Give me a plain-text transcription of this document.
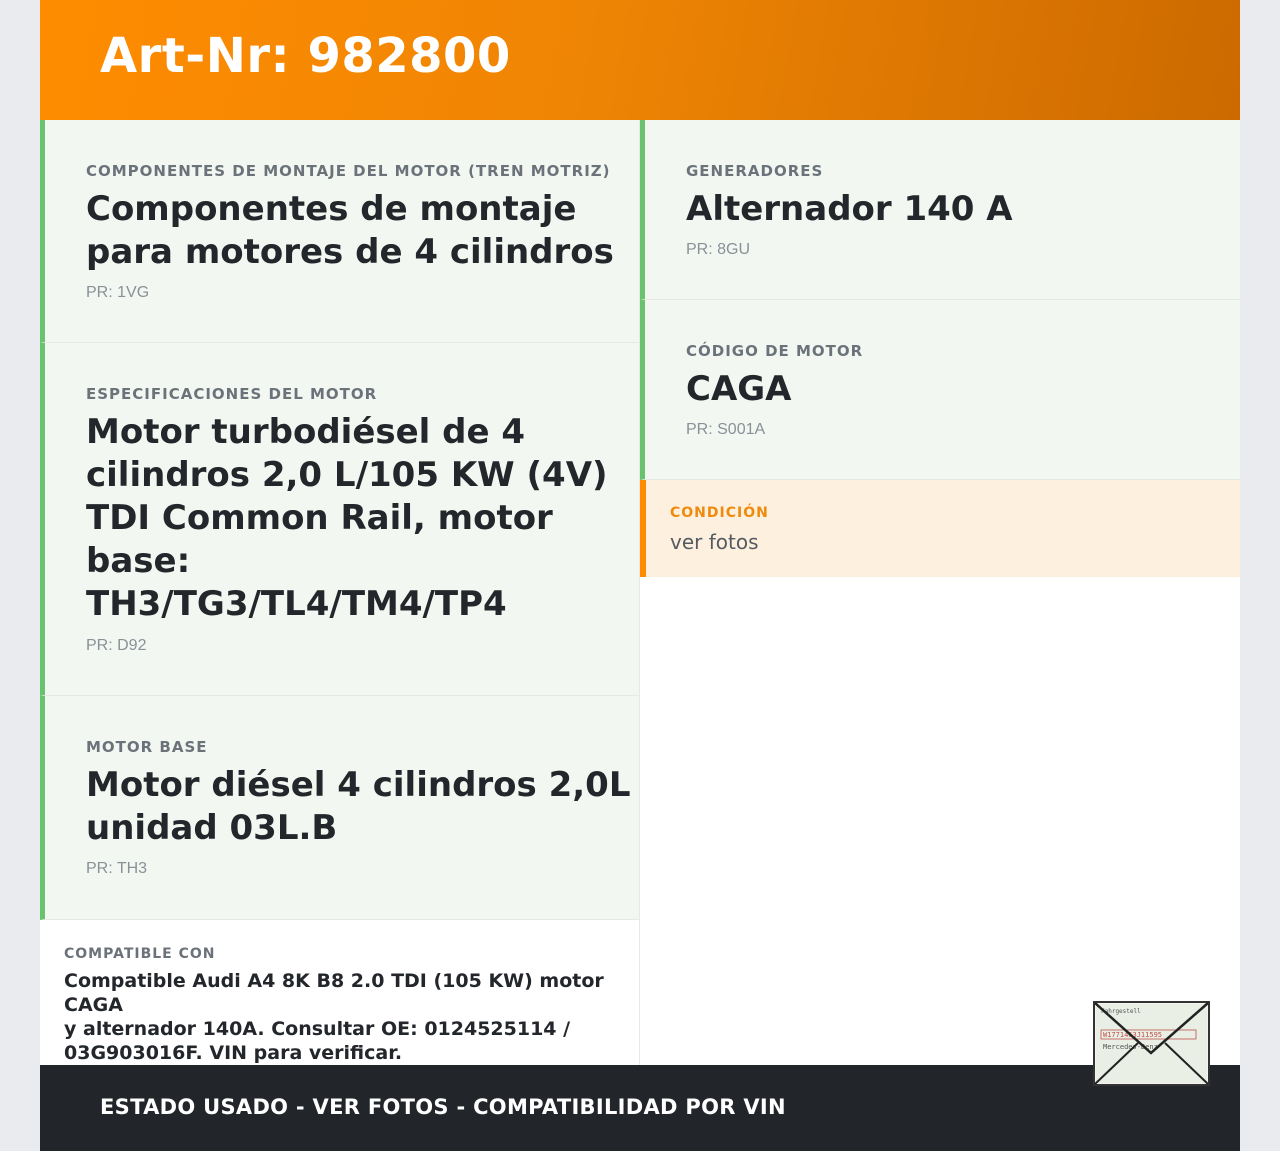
Art-Nr: 982800
COMPONENTES DE MONTAJE DEL MOTOR (TREN MOTRIZ)
Componentes de montaje
para motores de 4 cilindros
PR: 1VG
ESPECIFICACIONES DEL MOTOR
Motor turbodiésel de 4
cilindros 2,0 L/105 KW (4V)
TDI Common Rail, motor
base:
TH3/TG3/TL4/TM4/TP4
PR: D92
MOTOR BASE
Motor diésel 4 cilindros 2,0L
unidad 03L.B
PR: TH3
GENERADORES
Alternador 140 A
PR: 8GU
CÓDIGO DE MOTOR
CAGA
PR: S001A
CONDICIÓN
ver fotos
COMPATIBLE CON
Compatible Audi A4 8K B8 2.0 TDI (105 KW) motor CAGA
y alternador 140A. Consultar OE: 0124525114 /
03G903016F. VIN para verificar.
ESTADO USADO - VER FOTOS - COMPATIBILIDAD POR VIN
Fahrgestell
W1771463J11595
Mercedes-Benz
